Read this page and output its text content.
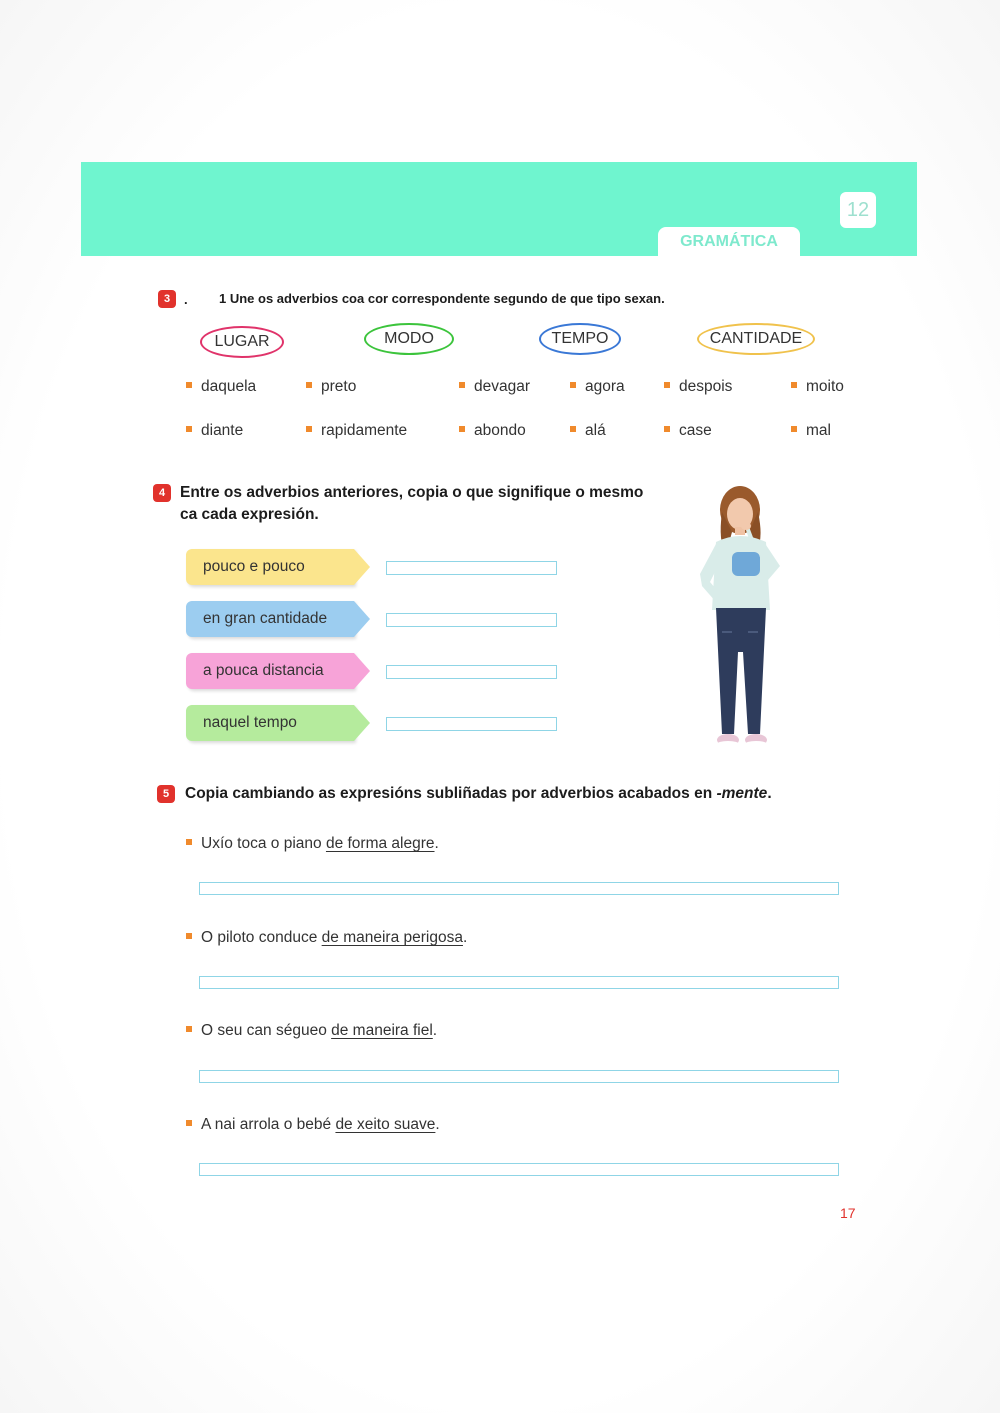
12
GRAMÁTICA
3	. 1 Une os adverbios coa cor correspondente segundo de que tipo sexan.
LUGAR	MODO	TEMPO	CANTIDADE
daquela	preto	devagar	agora	despois	moito
diante	rapidamente	abondo	alá	case	mal
4 Entre os adverbios anteriores, copia o que signifique o mesmo
ca cada expresión.
pouco e pouco
en gran cantidade
a pouca distancia
naquel tempo
5	Copia cambiando as expresións subliñadas por adverbios acabados en -mente.
Uxío toca o piano de forma alegre.
O piloto conduce de maneira perigosa.
O seu can ségueo de maneira fiel.
A nai arrola o bebé de xeito suave.
17
